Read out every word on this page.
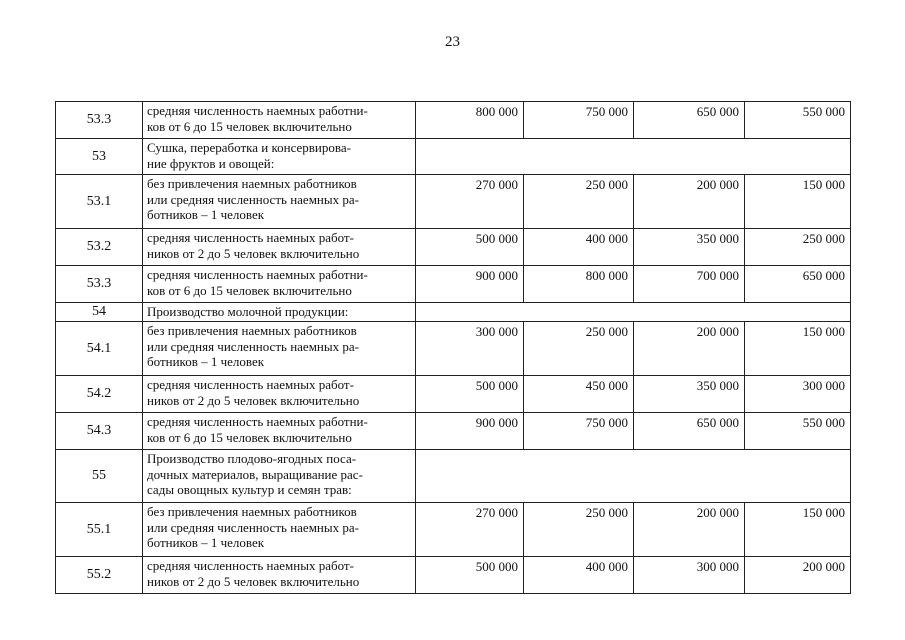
23
53.3	средняя численность наемных работни-
ков от 6 до 15 человек включительно	800 000	750 000	650 000	550 000
53	Сушка, переработка и консервирова-
ние фруктов и овощей:				

53.1	без привлечения наемных работников
или средняя численность наемных ра-
ботников – 1 человек	270 000	250 000	200 000	150 000
53.2	средняя численность наемных работ-
ников от 2 до 5 человек включительно	500 000	400 000	350 000	250 000
53.3	средняя численность наемных работни-
ков от 6 до 15 человек включительно	900 000	800 000	700 000	650 000
54	Производство молочной продукции:				

54.1	без привлечения наемных работников
или средняя численность наемных ра-
ботников – 1 человек	300 000	250 000	200 000	150 000
54.2	средняя численность наемных работ-
ников от 2 до 5 человек включительно	500 000	450 000	350 000	300 000
54.3	средняя численность наемных работни-
ков от 6 до 15 человек включительно	900 000	750 000	650 000	550 000
55	Производство плодово-ягодных поса-
дочных материалов, выращивание рас-
сады овощных культур и семян трав:				

55.1	без привлечения наемных работников
или средняя численность наемных ра-
ботников – 1 человек	270 000	250 000	200 000	150 000
55.2	средняя численность наемных работ-
ников от 2 до 5 человек включительно	500 000	400 000	300 000	200 000
